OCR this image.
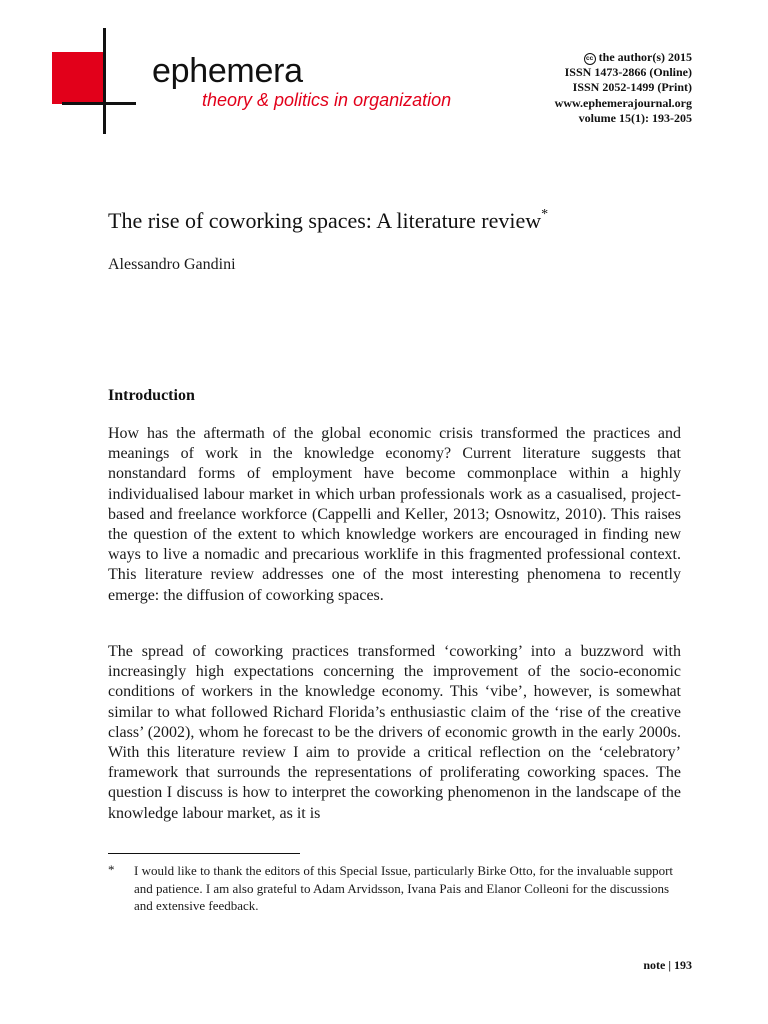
ephemera
theory & politics in organization
cc the author(s) 2015
ISSN 1473-2866 (Online)
ISSN 2052-1499 (Print)
www.ephemerajournal.org
volume 15(1): 193-205
The rise of coworking spaces: A literature review*
Alessandro Gandini
Introduction

How has the aftermath of the global economic crisis transformed the practices and meanings of work in the knowledge economy? Current literature suggests that nonstandard forms of employment have become commonplace within a highly individualised labour market in which urban professionals work as a casualised, project-based and freelance workforce (Cappelli and Keller, 2013; Osnowitz, 2010). This raises the question of the extent to which knowledge workers are encouraged in finding new ways to live a nomadic and precarious worklife in this fragmented professional context. This literature review addresses one of the most interesting phenomena to recently emerge: the diffusion of coworking spaces.

The spread of coworking practices transformed ‘coworking’ into a buzzword with increasingly high expectations concerning the improvement of the socio-economic conditions of workers in the knowledge economy. This ‘vibe’, however, is somewhat similar to what followed Richard Florida’s enthusiastic claim of the ‘rise of the creative class’ (2002), whom he forecast to be the drivers of economic growth in the early 2000s. With this literature review I aim to provide a critical reflection on the ‘celebratory’ framework that surrounds the representations of proliferating coworking spaces. The question I discuss is how to interpret the coworking phenomenon in the landscape of the knowledge labour market, as it is

* I would like to thank the editors of this Special Issue, particularly Birke Otto, for the invaluable support and patience. I am also grateful to Adam Arvidsson, Ivana Pais and Elanor Colleoni for the discussions and extensive feedback.
note | 193
